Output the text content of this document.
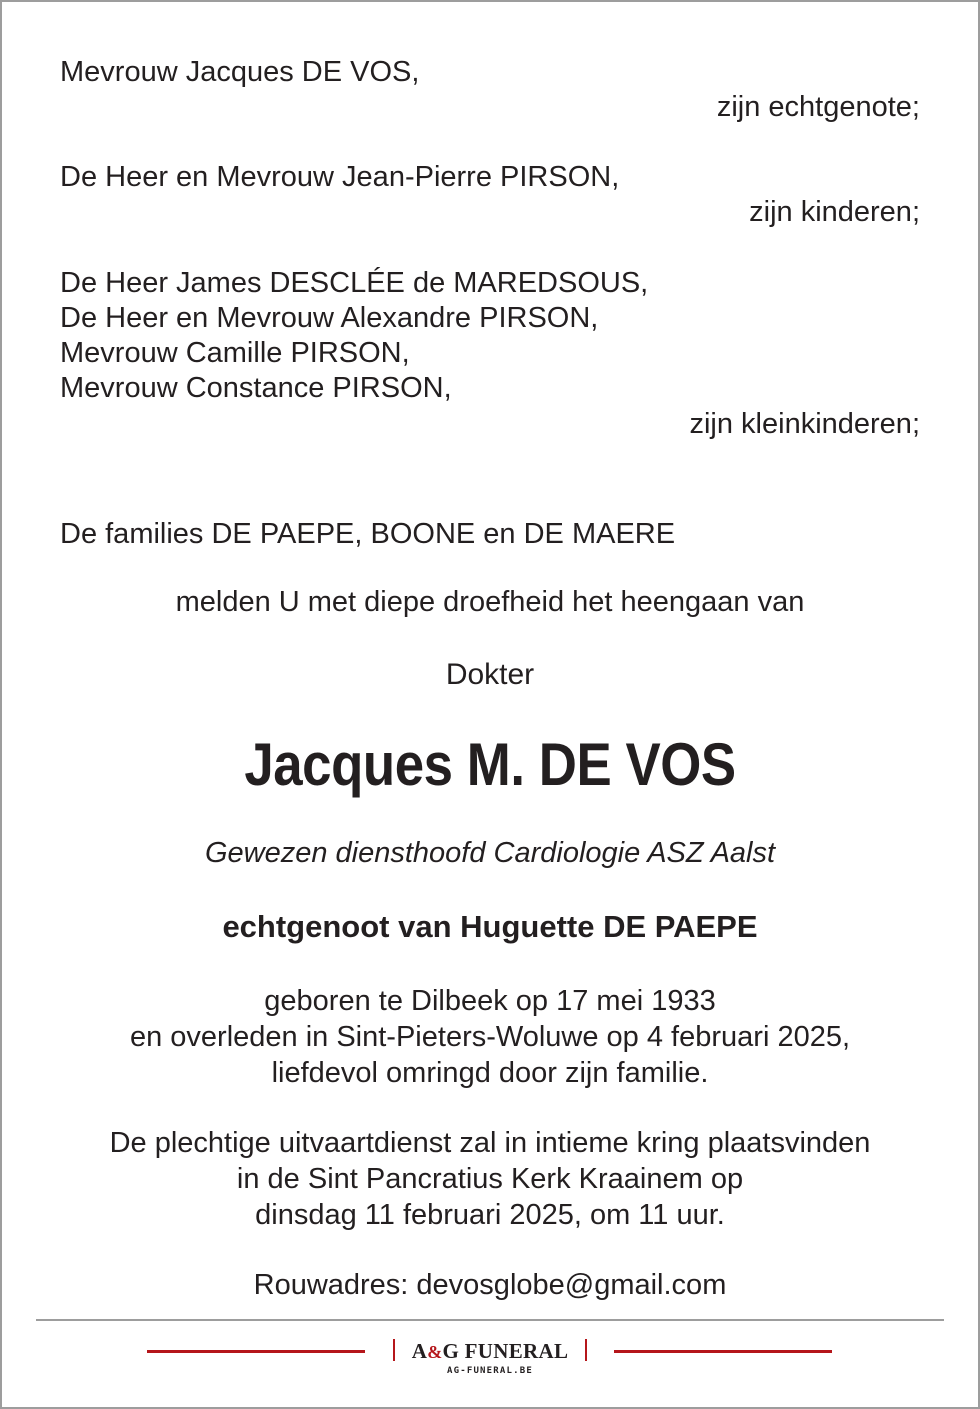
Mevrouw Jacques DE VOS,
zijn echtgenote;
De Heer en Mevrouw Jean-Pierre PIRSON,
zijn kinderen;
De Heer James DESCLÉE de MAREDSOUS,
De Heer en Mevrouw Alexandre PIRSON,
Mevrouw Camille PIRSON,
Mevrouw Constance PIRSON,
zijn kleinkinderen;
De families DE PAEPE, BOONE en DE MAERE
melden U met diepe droefheid het heengaan van
Dokter
Jacques M. DE VOS
Gewezen diensthoofd Cardiologie ASZ Aalst
echtgenoot van Huguette DE PAEPE
geboren te Dilbeek op 17 mei 1933
en overleden in Sint-Pieters-Woluwe op 4 februari 2025,
liefdevol omringd door zijn familie.
De plechtige uitvaartdienst zal in intieme kring plaatsvinden
in de Sint Pancratius Kerk Kraainem op
dinsdag 11 februari 2025, om 11 uur.
Rouwadres: devosglobe@gmail.com
A&G FUNERAL
AG-FUNERAL.BE
